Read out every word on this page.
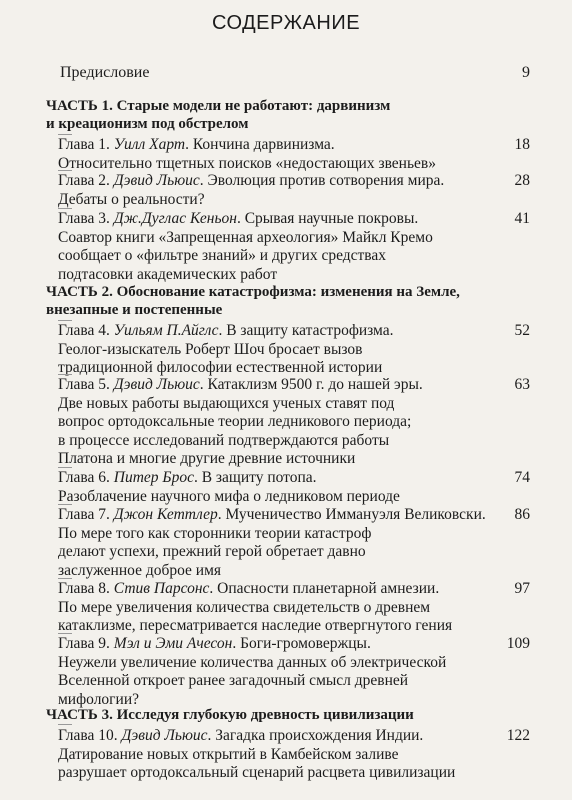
СОДЕРЖАНИЕ
Предисловие	9
ЧАСТЬ 1. Старые модели не работают: дарвинизм
и креационизм под обстрелом
Глава 1. Уилл Харт. Кончина дарвинизма.
Относительно тщетных поисков «недостающих звеньев»
18
Глава 2. Дэвид Льюис. Эволюция против сотворения мира.
Дебаты о реальности?
28
Глава 3. Дж.Дуглас Кеньон. Срывая научные покровы.
Соавтор книги «Запрещенная археология» Майкл Кремо
сообщает о «фильтре знаний» и других средствах
подтасовки академических работ
41
ЧАСТЬ 2. Обоснование катастрофизма: изменения на Земле,
внезапные и постепенные
Глава 4. Уильям П.Айглс. В защиту катастрофизма.
Геолог-изыскатель Роберт Шоч бросает вызов
традиционной философии естественной истории
52
Глава 5. Дэвид Льюис. Катаклизм 9500 г. до нашей эры.
Две новых работы выдающихся ученых ставят под
вопрос ортодоксальные теории ледникового периода;
в процессе исследований подтверждаются работы
Платона и многие другие древние источники
63
Глава 6. Питер Брос. В защиту потопа.
Разоблачение научного мифа о ледниковом периоде
74
Глава 7. Джон Кеттлер. Мученичество Иммануэля Великовски.
По мере того как сторонники теории катастроф
делают успехи, прежний герой обретает давно
заслуженное доброе имя
86
Глава 8. Стив Парсонс. Опасности планетарной амнезии.
По мере увеличения количества свидетельств о древнем
катаклизме, пересматривается наследие отвергнутого гения
97
Глава 9. Мэл и Эми Ачесон. Боги-громовержцы.
Неужели увеличение количества данных об электрической
Вселенной откроет ранее загадочный смысл древней
мифологии?
109
ЧАСТЬ 3. Исследуя глубокую древность цивилизации
Глава 10. Дэвид Льюис. Загадка происхождения Индии.
Датирование новых открытий в Камбейском заливе
разрушает ортодоксальный сценарий расцвета цивилизации
122
